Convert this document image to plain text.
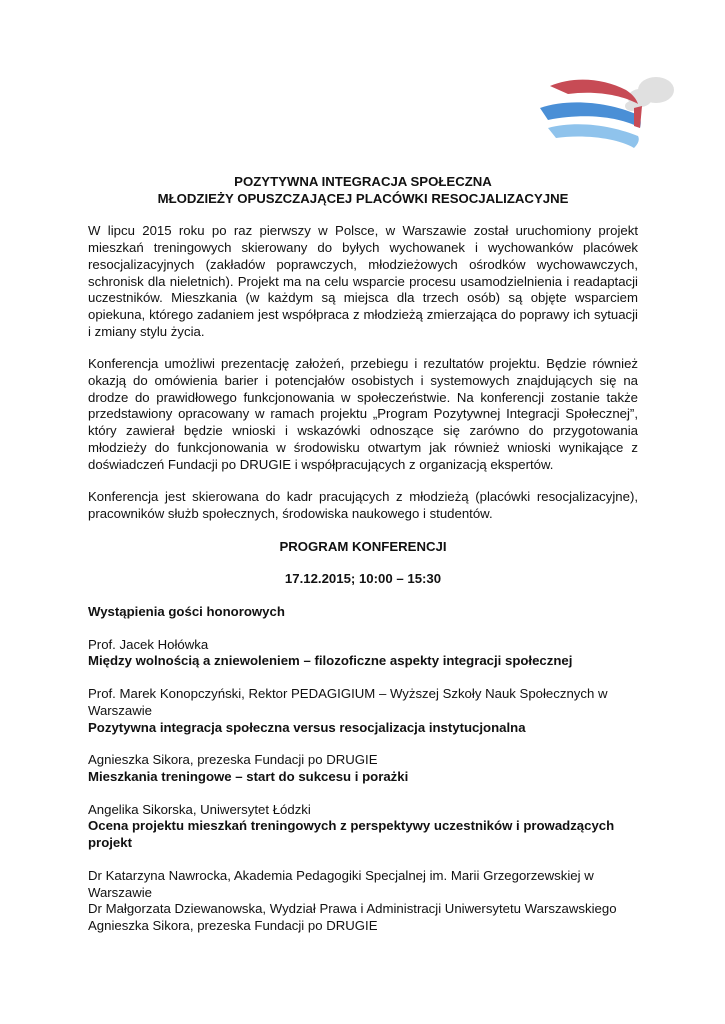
POZYTYWNA INTEGRACJA SPOŁECZNA

MŁODZIEŻY OPUSZCZAJĄCEJ PLACÓWKI RESOCJALIZACYJNE

W lipcu 2015 roku po raz pierwszy w Polsce, w Warszawie został uruchomiony projekt mieszkań treningowych skierowany do byłych wychowanek i wychowanków placówek resocjalizacyjnych (zakładów poprawczych, młodzieżowych ośrodków wychowawczych, schronisk dla nieletnich). Projekt ma na celu wsparcie procesu usamodzielnienia i readaptacji uczestników. Mieszkania (w każdym są miejsca dla trzech osób) są objęte wsparciem opiekuna, którego zadaniem jest współpraca z młodzieżą zmierzająca do poprawy ich sytuacji i zmiany stylu życia.

Konferencja umożliwi prezentację założeń, przebiegu i rezultatów projektu. Będzie również okazją do omówienia barier i potencjałów osobistych i systemowych znajdujących się na drodze do prawidłowego funkcjonowania w społeczeństwie. Na konferencji zostanie także przedstawiony opracowany w ramach projektu „Program Pozytywnej Integracji Społecznej”, który zawierał będzie wnioski i wskazówki odnoszące się zarówno do przygotowania młodzieży do funkcjonowania w środowisku otwartym jak również wnioski wynikające z doświadczeń Fundacji po DRUGIE i współpracujących z organizacją ekspertów.

Konferencja jest skierowana do kadr pracujących z młodzieżą (placówki resocjalizacyjne), pracowników służb społecznych, środowiska naukowego i studentów.

PROGRAM KONFERENCJI

17.12.2015; 10:00 – 15:30

Wystąpienia gości honorowych

Prof. Jacek Hołówka

Między wolnością a zniewoleniem – filozoficzne aspekty integracji społecznej

Prof. Marek Konopczyński, Rektor PEDAGIGIUM – Wyższej Szkoły Nauk Społecznych w Warszawie

Pozytywna integracja społeczna versus resocjalizacja instytucjonalna

Agnieszka Sikora, prezeska Fundacji po DRUGIE

Mieszkania treningowe – start do sukcesu i porażki

Angelika Sikorska, Uniwersytet Łódzki

Ocena projektu mieszkań treningowych z perspektywy uczestników i prowadzących projekt

Dr Katarzyna Nawrocka, Akademia Pedagogiki Specjalnej im. Marii Grzegorzewskiej w Warszawie

Dr Małgorzata Dziewanowska, Wydział Prawa i Administracji Uniwersytetu Warszawskiego

Agnieszka Sikora, prezeska Fundacji po DRUGIE
